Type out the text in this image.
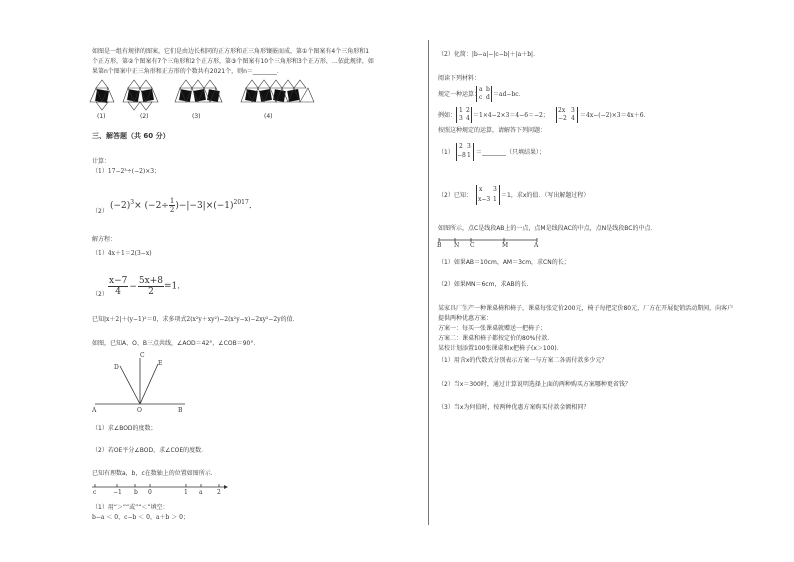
如图是一组有规律的图案，它们是由边长相同的正方形和正三角形镶嵌而成，第①个图案有4个三角形和1
个正方形，第②个图案有7个三角形和2个正方形，第③个图案有10个三角形和3个正方形，…依此规律，如
果第n个图案中正三角形和正方形的个数共有2021个，则n＝________．
(1)	(2)	(3)	(4)
三、解答题（共 60 分）
计算：
（1）17−2³÷(−2)×3；
（2）
$(-2)^3\times (-2\div \frac{1}{2} )-|-3|\times(-1)^{2017}$．
解方程：
（1）4x＋1＝2(3−x)
$(2) \frac{x-7}{4} - \frac{5x+8}{2} =1$.
已知|x＋2|＋(y−1)²＝0，求多项式2(x²y＋xy²)−2(x²y−x)−2xy²−2y的值．
如图，已知A、O、B三点共线，∠AOD＝42°，∠COB＝90°．
A	B
C
D
E
O
（1）求∠BOD的度数；
（2）若OE平分∠BOD，求∠COE的度数．
已知有理数a，b，c在数轴上的位置如图所示．
c	−1 b 0	1 a 2
（1）用“＞”“或”“＜”填空：
b−a ＜ 0，c−b ＜ 0，a＋b ＞ 0；
（2）化简：|b−a|−|c−b|＋|a＋b|．
阅读下列材料：
规定一种运算：
a b
c d ＝ad−bc．
例如：
1 2
3 4 ＝1×4−2×3＝4−6＝−2；
2x 3
−2 4 ＝4x−(−2)×3＝4x＋6．
按照这种规定的运算，请解答下列问题：
（1）
2 3
−8 1 ＝________（只填结果）；
（2）已知：
x 3
x−3 1
＝1，求x的值．（写出解题过程）
如图所示，点C是线段AB上的一点，点M是线段AC的中点，点N是线段BC的中点．
B N C	M	A
（1）如果AB＝10cm，AM＝3cm，求CN的长；
（2）如果MN＝6cm，求AB的长．
某家具厂生产一种课桌椅和椅子，课桌每张定价200元，椅子每把定价80元，厂方在开展促销活动期间，向客户
提供两种优惠方案：
方案一：每买一张课桌就赠送一把椅子；
方案二：课桌和椅子都按定价的80%付款．
某校计划添置100张课桌和x把椅子(x＞100)．
（1）用含x的代数式分别表示方案一与方案二各需付款多少元？
（2）当x＝300时，通过计算说明选择上面的两种购买方案哪种更省钱？
（3）当x为何值时，按两种优惠方案购买付款金额相同？
